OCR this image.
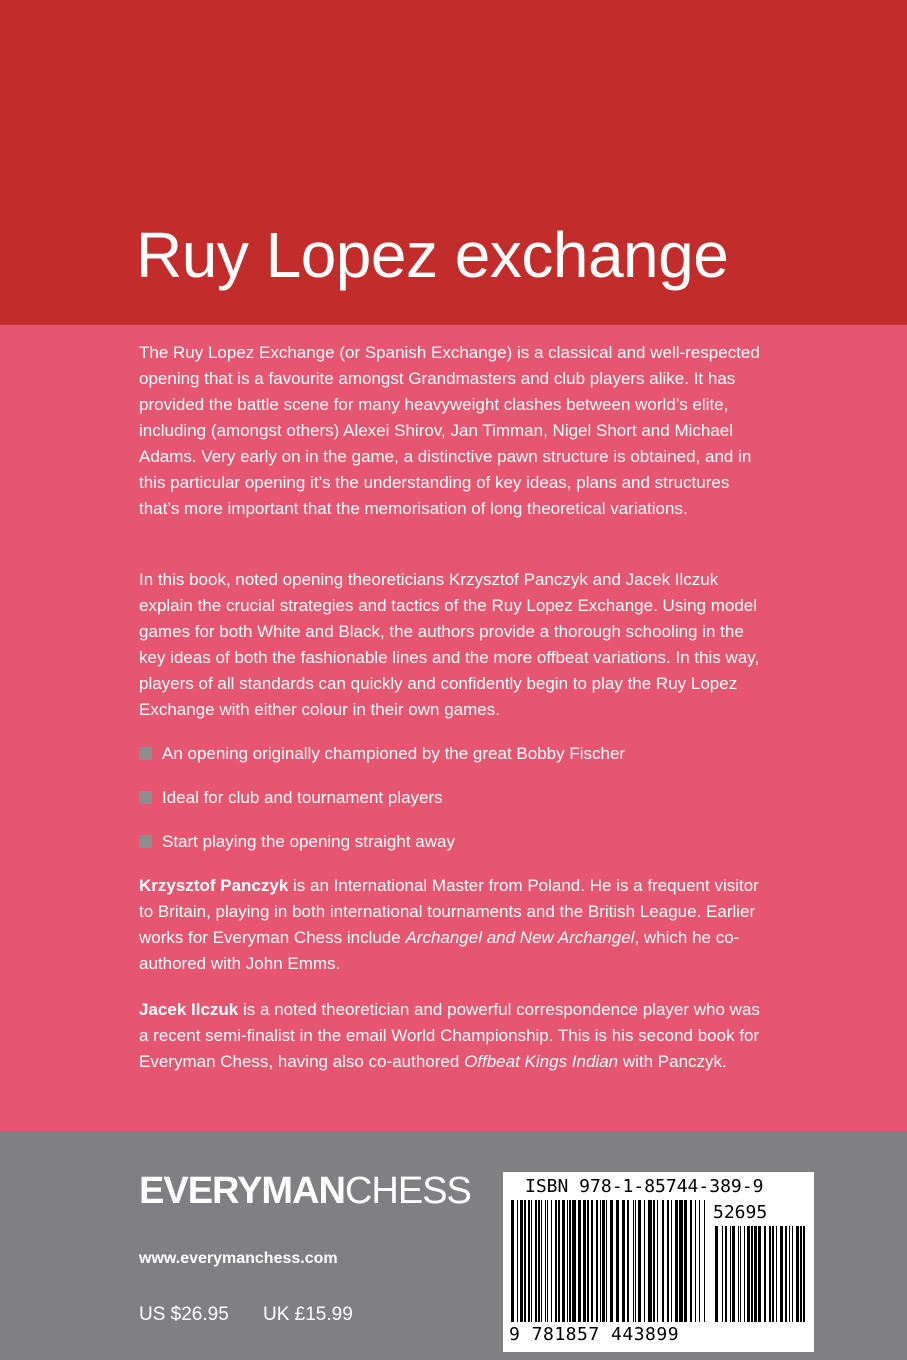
Ruy Lopez exchange

The Ruy Lopez Exchange (or Spanish Exchange) is a classical and well-respected opening that is a favourite amongst Grandmasters and club players alike. It has provided the battle scene for many heavyweight clashes between world’s elite, including (amongst others) Alexei Shirov, Jan Timman, Nigel Short and Michael Adams. Very early on in the game, a distinctive pawn structure is obtained, and in this particular opening it’s the understanding of key ideas, plans and structures that’s more important that the memorisation of long theoretical variations.

In this book, noted opening theoreticians Krzysztof Panczyk and Jacek Ilczuk explain the crucial strategies and tactics of the Ruy Lopez Exchange. Using model games for both White and Black, the authors provide a thorough schooling in the key ideas of both the fashionable lines and the more offbeat variations. In this way, players of all standards can quickly and confidently begin to play the Ruy Lopez Exchange with either colour in their own games.

An opening originally championed by the great Bobby Fischer

Ideal for club and tournament players

Start playing the opening straight away

Krzysztof Panczyk is an International Master from Poland. He is a frequent visitor to Britain, playing in both international tournaments and the British League. Earlier works for Everyman Chess include Archangel and New Archangel, which he co-authored with John Emms.

Jacek Ilczuk is a noted theoretician and powerful correspondence player who was a recent semi-finalist in the email World Championship. This is his second book for Everyman Chess, having also co-authored Offbeat Kings Indian with Panczyk.

EVERYMANCHESS
www.everymanchess.com
US $26.95 UK £15.99
ISBN 978-1-85744-389-9
52695
9 781857 443899
